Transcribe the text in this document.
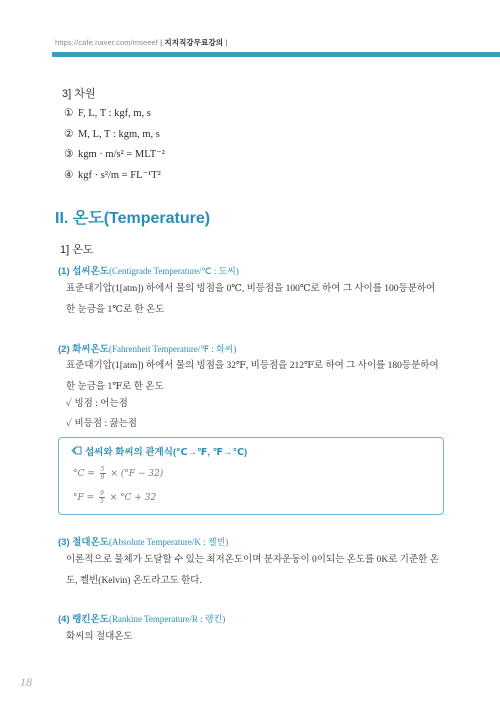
https://cafe.naver.com/mseeef | 지지직강무료강의 |
3] 차원
① F, L, T : kgf, m, s
② M, L, T : kgm, m, s
③ kgm · m/s² = MLT⁻²
④ kgf · s²/m = FL⁻¹T²
II. 온도(Temperature)
1] 온도
(1) 섭씨온도(Centigrade Temperature/℃ : 도씨)
표준대기압(1[atm]) 하에서 물의 빙점을 0℃, 비등점을 100℃로 하여 그 사이를 100등분하여 한 눈금을 1℃로 한 온도
(2) 화씨온도(Fahrenheit Temperature/℉ : 화씨)
표준대기압(1[atm]) 하에서 물의 빙점을 32℉, 비등점을 212℉로 하여 그 사이를 180등분하여 한 눈금을 1℉로 한 온도
✓ 빙점 : 어는점
✓ 비등점 : 끓는점
섭씨와 화씨의 관계식(℃→℉, ℉→℃)
$^\circ C = \frac{5}{9} \times (^\circ F - 32)$
$^\circ F = \frac{9}{5} \times ^\circ C + 32$
(3) 절대온도(Absolute Temperature/K : 켈빈)
이론적으로 물체가 도달할 수 있는 최저온도이며 분자운동이 0이되는 온도를 0K로 기준한 온도, 켈빈(Kelvin) 온도라고도 한다.
(4) 랭킨온도(Rankine Temperature/R : 랭킨)
화씨의 절대온도
18
